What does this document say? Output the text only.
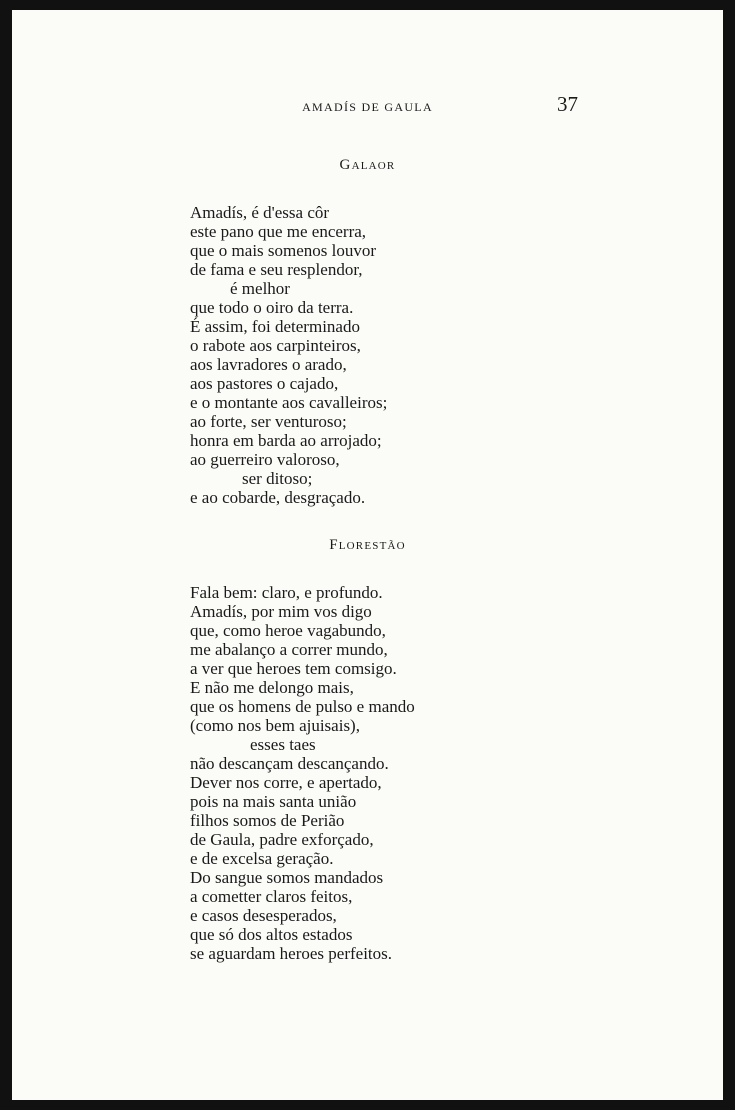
AMADÍS DE GAULA	37
Galaor
Amadís, é d'essa côr
este pano que me encerra,
que o mais somenos louvor
de fama e seu resplendor,
é melhor
que todo o oiro da terra.
É assim, foi determinado
o rabote aos carpinteiros,
aos lavradores o arado,
aos pastores o cajado,
e o montante aos cavalleiros;
ao forte, ser venturoso;
honra em barda ao arrojado;
ao guerreiro valoroso,
ser ditoso;
e ao cobarde, desgraçado.
Florestão
Fala bem: claro, e profundo.
Amadís, por mim vos digo
que, como heroe vagabundo,
me abalanço a correr mundo,
a ver que heroes tem comsigo.
E não me delongo mais,
que os homens de pulso e mando
(como nos bem ajuisais),
esses taes
não descançam descançando.
Dever nos corre, e apertado,
pois na mais santa união
filhos somos de Perião
de Gaula, padre exforçado,
e de excelsa geração.
Do sangue somos mandados
a cometter claros feitos,
e casos desesperados,
que só dos altos estados
se aguardam heroes perfeitos.
